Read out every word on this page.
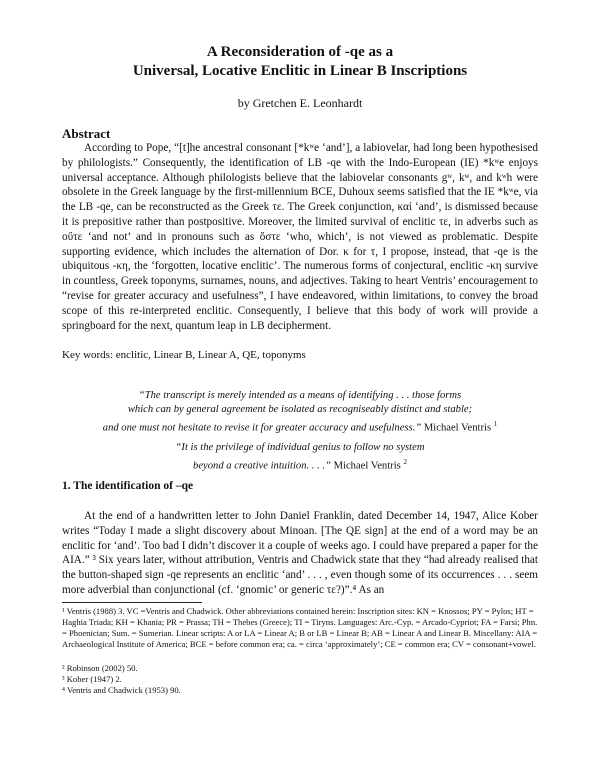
A Reconsideration of -qe as a
Universal, Locative Enclitic in Linear B Inscriptions
by Gretchen E. Leonhardt
Abstract

According to Pope, “[t]he ancestral consonant [*kʷe ‘and’], a labiovelar, had long been hypothesised by philologists.” Consequently, the identification of LB -qe with the Indo-European (IE) *kʷe enjoys universal acceptance. Although philologists believe that the labiovelar consonants gʷ, kʷ, and kʷh were obsolete in the Greek language by the first-millennium BCE, Duhoux seems satisfied that the IE *kʷe, via the LB -qe, can be reconstructed as the Greek τε. The Greek conjunction, καί ‘and’, is dismissed because it is prepositive rather than postpositive. Moreover, the limited survival of enclitic τε, in adverbs such as οὔτε ‘and not’ and in pronouns such as ὅστε ‘who, which’, is not viewed as problematic. Despite supporting evidence, which includes the alternation of Dor. κ for τ, I propose, instead, that -qe is the ubiquitous -κη, the ‘forgotten, locative enclitic’. The numerous forms of conjectural, enclitic -κη survive in countless, Greek toponyms, surnames, nouns, and adjectives. Taking to heart Ventris’ encouragement to “revise for greater accuracy and usefulness”, I have endeavored, within limitations, to convey the broad scope of this re-interpreted enclitic. Consequently, I believe that this body of work will provide a springboard for the next, quantum leap in LB decipherment.

Key words: enclitic, Linear B, Linear A, QE, toponyms

“The transcript is merely intended as a means of identifying . . . those forms
which can by general agreement be isolated as recogniseably distinct and stable;
and one must not hesitate to revise it for greater accuracy and usefulness.” Michael Ventris $^1$
“It is the privilege of individual genius to follow no system
beyond a creative intuition. . . .” Michael Ventris $^2$
1. The identification of –qe

At the end of a handwritten letter to John Daniel Franklin, dated December 14, 1947, Alice Kober writes “Today I made a slight discovery about Minoan. [The QE sign] at the end of a word may be an enclitic for ‘and’. Too bad I didn’t discover it a couple of weeks ago. I could have prepared a paper for the AIA.” ³ Six years later, without attribution, Ventris and Chadwick state that they “had already realised that the button-shaped sign -qe represents an enclitic ‘and’ . . . , even though some of its occurrences . . . seem more adverbial than conjunctional (cf. ‘gnomic’ or generic τε?)”.⁴ As an

¹ Ventris (1988) 3. VC =Ventris and Chadwick. Other abbreviations contained herein: Inscription sites: KN = Knossos; PY = Pylos; HT = Haghia Triada; KH = Khania; PR = Prassa; TH = Thebes (Greece); TI = Tiryns. Languages: Arc.-Cyp. = Arcado-Cypriot; FA = Farsi; Phn. = Phoenician; Sum. = Sumerian. Linear scripts: A or LA = Linear A; B or LB = Linear B; AB = Linear A and Linear B. Miscellany: AIA = Archaeological Institute of America; BCE = before common era; ca. = circa ‘approximately’; CE = common era; CV = consonant+vowel.

² Robinson (2002) 50.

³ Kober (1947) 2.

⁴ Ventris and Chadwick (1953) 90.
